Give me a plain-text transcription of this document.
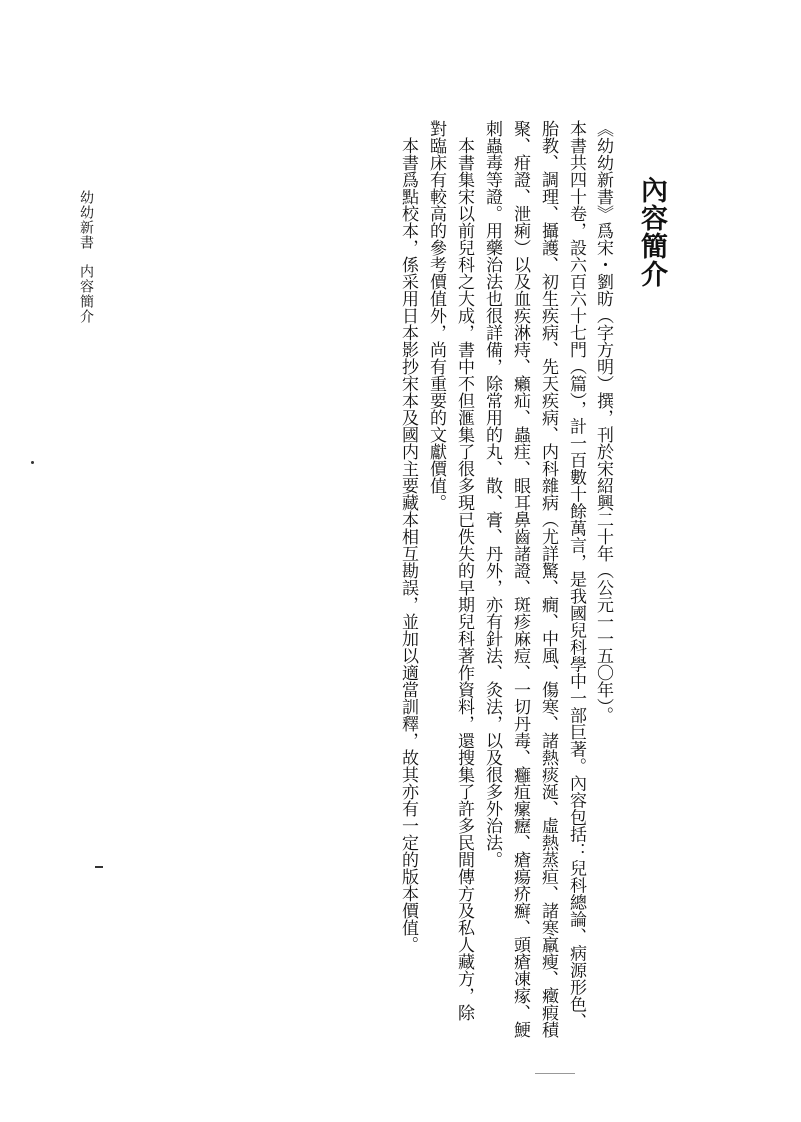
幼幼新書内容簡介
內容簡介
《幼幼新書》爲宋・劉昉（字方明）撰，刊於宋紹興二十年（公元一一五〇年）。
本書共四十卷，設六百六十七門（篇），計一百數十餘萬言，是我國兒科學中一部巨著。內容包括：兒科總論、病源形色、
胎教、調理、攝護、初生疾病、先天疾病、内科雜病（尤詳驚、癇、中風、傷寒、諸熱痰涎、虛熱蒸疸、諸寒羸瘦、癥瘕積
聚、疳證、泄痢）以及血疾淋痔、癩疝、蟲疰、眼耳鼻齒諸證、斑疹麻痘、一切丹毒、癰疽瘰癧、瘡瘍疥癬、頭瘡凍瘃、鯁
刺蟲毒等證。用藥治法也很詳備，除常用的丸、散、膏、丹外，亦有針法、灸法，以及很多外治法。
本書集宋以前兒科之大成，書中不但滙集了很多現已佚失的早期兒科著作資料，還搜集了許多民間傳方及私人藏方，除
對臨床有較高的參考價值外，尚有重要的文獻價值。
本書爲點校本，係采用日本影抄宋本及國内主要藏本相互勘誤，並加以適當訓釋，故其亦有一定的版本價值。
